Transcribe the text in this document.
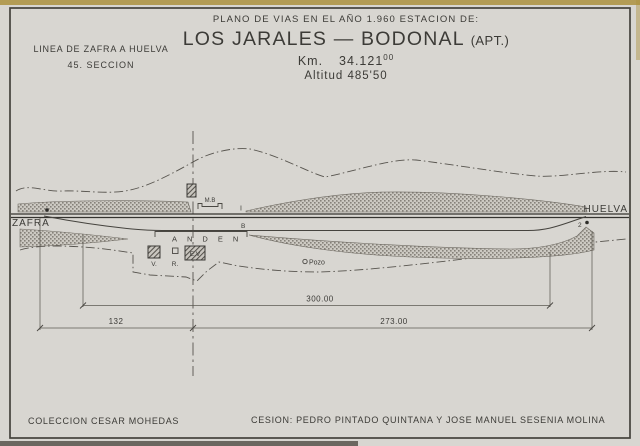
ANDEN
M.B
V. R.
E.V
Pozo
I
B	2
ZAFRA
HUELVA
300.00
132	273.00
LINEA DE ZAFRA A HUELVA
45. SECCION
PLANO DE VIAS EN EL AÑO 1.960 ESTACION DE:
LOS JARALES — BODONAL (APT.)
Km. 34.121$^{00}$
Altitud 485'50
COLECCION CESAR MOHEDAS	CESION: PEDRO PINTADO QUINTANA Y JOSE MANUEL SESENIA MOLINA
